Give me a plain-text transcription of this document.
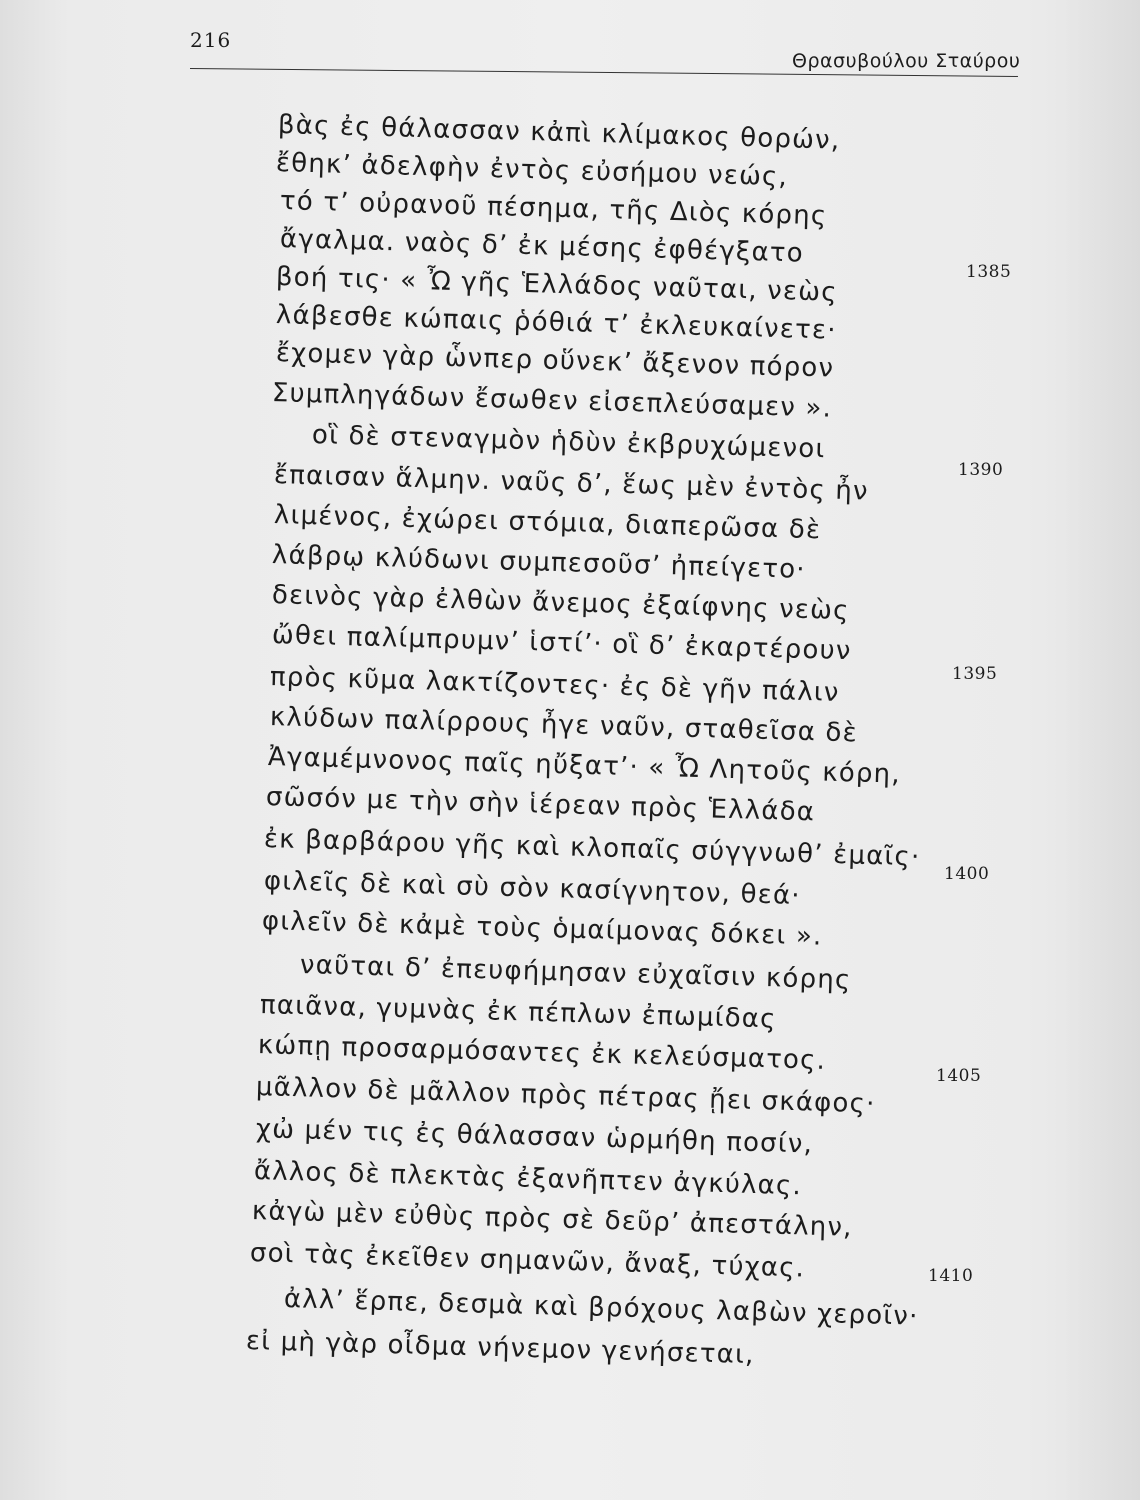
216
Θρασυβούλου Σταύρου
βὰς ἐς θάλασσαν κἀπὶ κλίμακος θορών,
ἔθηκ’ ἀδελφὴν ἐντὸς εὐσήμου νεώς,
τό τ’ οὐρανοῦ πέσημα, τῆς Διὸς κόρης
ἄγαλμα. ναὸς δ’ ἐκ μέσης ἐφθέγξατο
βοή τις· « Ὦ γῆς Ἑλλάδος ναῦται, νεὼς
λάβεσθε κώπαις ῥόθιά τ’ ἐκλευκαίνετε·
ἔχομεν γὰρ ὧνπερ οὕνεκ’ ἄξενον πόρον
Συμπληγάδων ἔσωθεν εἰσεπλεύσαμεν ».
οἳ δὲ στεναγμὸν ἡδὺν ἐκβρυχώμενοι
ἔπαισαν ἅλμην. ναῦς δ’, ἕως μὲν ἐντὸς ἦν
λιμένος, ἐχώρει στόμια, διαπερῶσα δὲ
λάβρῳ κλύδωνι συμπεσοῦσ’ ἠπείγετο·
δεινὸς γὰρ ἐλθὼν ἄνεμος ἐξαίφνης νεὼς
ὤθει παλίμπρυμν’ ἱστί’· οἳ δ’ ἐκαρτέρουν
πρὸς κῦμα λακτίζοντες· ἐς δὲ γῆν πάλιν
κλύδων παλίρρους ἦγε ναῦν, σταθεῖσα δὲ
Ἀγαμέμνονος παῖς ηὔξατ’· « Ὦ Λητοῦς κόρη,
σῶσόν με τὴν σὴν ἱέρεαν πρὸς Ἑλλάδα
ἐκ βαρβάρου γῆς καὶ κλοπαῖς σύγγνωθ’ ἐμαῖς·
φιλεῖς δὲ καὶ σὺ σὸν κασίγνητον, θεά·
φιλεῖν δὲ κἀμὲ τοὺς ὁμαίμονας δόκει ».
ναῦται δ’ ἐπευφήμησαν εὐχαῖσιν κόρης
παιᾶνα, γυμνὰς ἐκ πέπλων ἐπωμίδας
κώπῃ προσαρμόσαντες ἐκ κελεύσματος.
μᾶλλον δὲ μᾶλλον πρὸς πέτρας ᾔει σκάφος·
χὠ μέν τις ἐς θάλασσαν ὡρμήθη ποσίν,
ἄλλος δὲ πλεκτὰς ἐξανῆπτεν ἀγκύλας.
κἀγὼ μὲν εὐθὺς πρὸς σὲ δεῦρ’ ἀπεστάλην,
σοὶ τὰς ἐκεῖθεν σημανῶν, ἄναξ, τύχας.
ἀλλ’ ἕρπε, δεσμὰ καὶ βρόχους λαβὼν χεροῖν·
εἰ μὴ γὰρ οἶδμα νήνεμον γενήσεται,
1385
1390
1395
1400
1405
1410
